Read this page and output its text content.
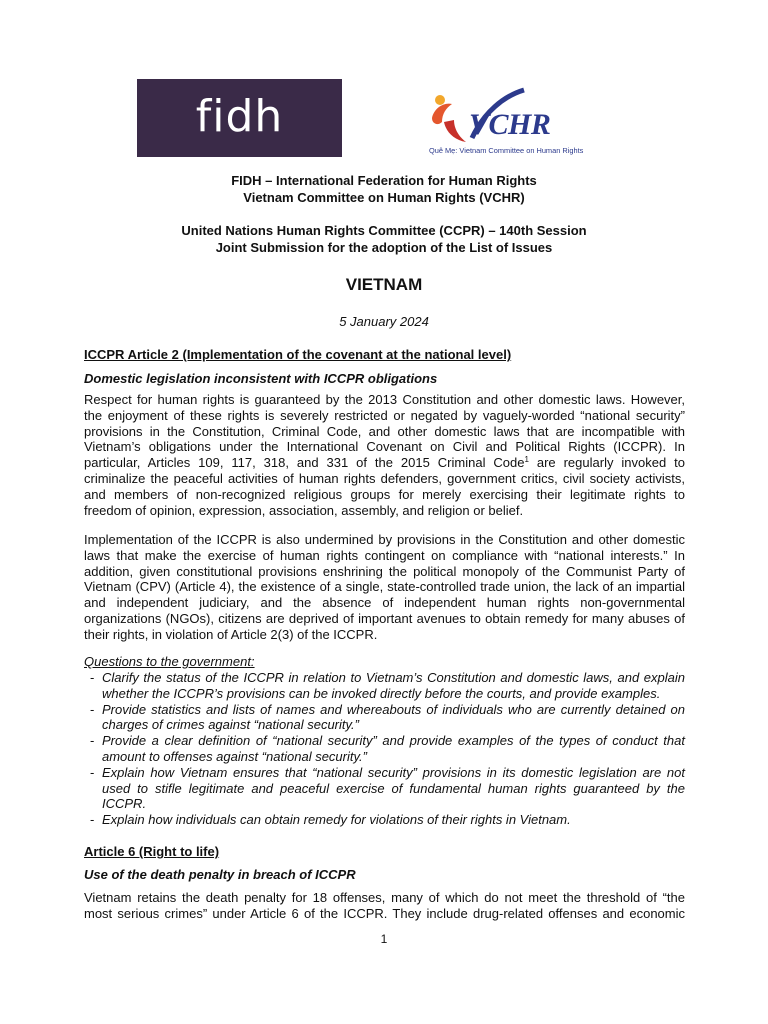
fidh	VCHR
Quê Mẹ: Vietnam Committee on Human Rights
FIDH – International Federation for Human Rights
Vietnam Committee on Human Rights (VCHR)
United Nations Human Rights Committee (CCPR) – 140th Session
Joint Submission for the adoption of the List of Issues
VIETNAM
5 January 2024
ICCPR Article 2 (Implementation of the covenant at the national level)
Domestic legislation inconsistent with ICCPR obligations
Respect for human rights is guaranteed by the 2013 Constitution and other domestic laws. However,
the enjoyment of these rights is severely restricted or negated by vaguely-worded “national security”
provisions in the Constitution, Criminal Code, and other domestic laws that are incompatible with
Vietnam’s obligations under the International Covenant on Civil and Political Rights (ICCPR). In
particular, Articles 109, 117, 318, and 331 of the 2015 Criminal Code$^1$ are regularly invoked to
criminalize the peaceful activities of human rights defenders, government critics, civil society activists,
and members of non-recognized religious groups for merely exercising their legitimate rights to
freedom of opinion, expression, association, assembly, and religion or belief.
Implementation of the ICCPR is also undermined by provisions in the Constitution and other domestic
laws that make the exercise of human rights contingent on compliance with “national interests.” In
addition, given constitutional provisions enshrining the political monopoly of the Communist Party of
Vietnam (CPV) (Article 4), the existence of a single, state-controlled trade union, the lack of an impartial
and independent judiciary, and the absence of independent human rights non-governmental
organizations (NGOs), citizens are deprived of important avenues to obtain remedy for many abuses of
their rights, in violation of Article 2(3) of the ICCPR.
Questions to the government:
- Clarify the status of the ICCPR in relation to Vietnam’s Constitution and domestic laws, and explain whether the ICCPR’s provisions can be invoked directly before the courts, and provide examples.
- Provide statistics and lists of names and whereabouts of individuals who are currently detained on charges of crimes against “national security.”
- Provide a clear definition of “national security” and provide examples of the types of conduct that amount to offenses against “national security.”
- Explain how Vietnam ensures that “national security” provisions in its domestic legislation are not used to stifle legitimate and peaceful exercise of fundamental human rights guaranteed by the ICCPR.
- Explain how individuals can obtain remedy for violations of their rights in Vietnam.
Article 6 (Right to life)
Use of the death penalty in breach of ICCPR
Vietnam retains the death penalty for 18 offenses, many of which do not meet the threshold of “the
most serious crimes” under Article 6 of the ICCPR. They include drug-related offenses and economic
1
